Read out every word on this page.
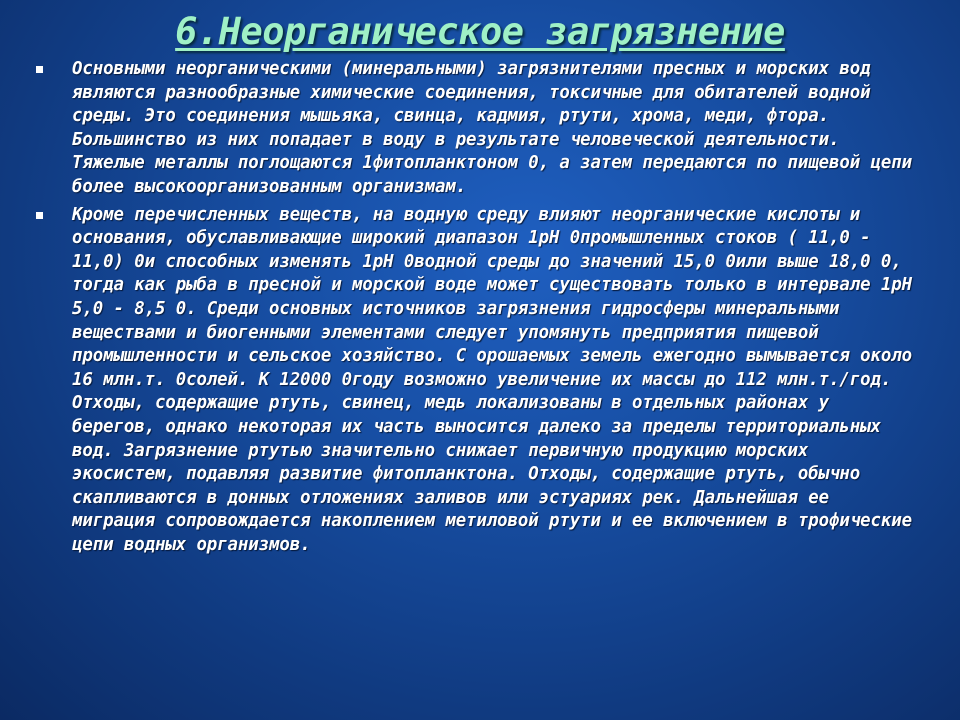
6.Неорганическое загрязнение
Основными неорганическими (минеральными) загрязнителями пресных и морских вод являются разнообразные химические соединения, токсичные для обитателей водной среды. Это соединения мышьяка, свинца, кадмия, ртути, хрома, меди, фтора. Большинство из них попадает в воду в результате человеческой деятельности. Тяжелые металлы поглощаются 1фитопланктоном 0, а затем передаются по пищевой цепи более высокоорганизованным организмам.
Кроме перечисленных веществ, на водную среду влияют неорганические кислоты и основания, обуславливающие широкий диапазон 1pH 0промышленных стоков ( 11,0 - 11,0) 0и способных изменять 1pH 0водной среды до значений 15,0 0или выше 18,0 0, тогда как рыба в пресной и морской воде может существовать только в интервале 1pH 5,0 - 8,5 0. Среди основных источников загрязнения гидросферы минеральными веществами и биогенными элементами следует упомянуть предприятия пищевой промышленности и сельское хозяйство. С орошаемых земель ежегодно вымывается около 16 млн.т. 0солей. К 12000 0году возможно увеличение их массы до 112 млн.т./год. Отходы, содержащие ртуть, свинец, медь локализованы в отдельных районах у берегов, однако некоторая их часть выносится далеко за пределы территориальных вод. Загрязнение ртутью значительно снижает первичную продукцию морских экосистем, подавляя развитие фитопланктона. Отходы, содержащие ртуть, обычно скапливаются в донных отложениях заливов или эстуариях рек. Дальнейшая ее миграция сопровождается накоплением метиловой ртути и ее включением в трофические цепи водных организмов.
